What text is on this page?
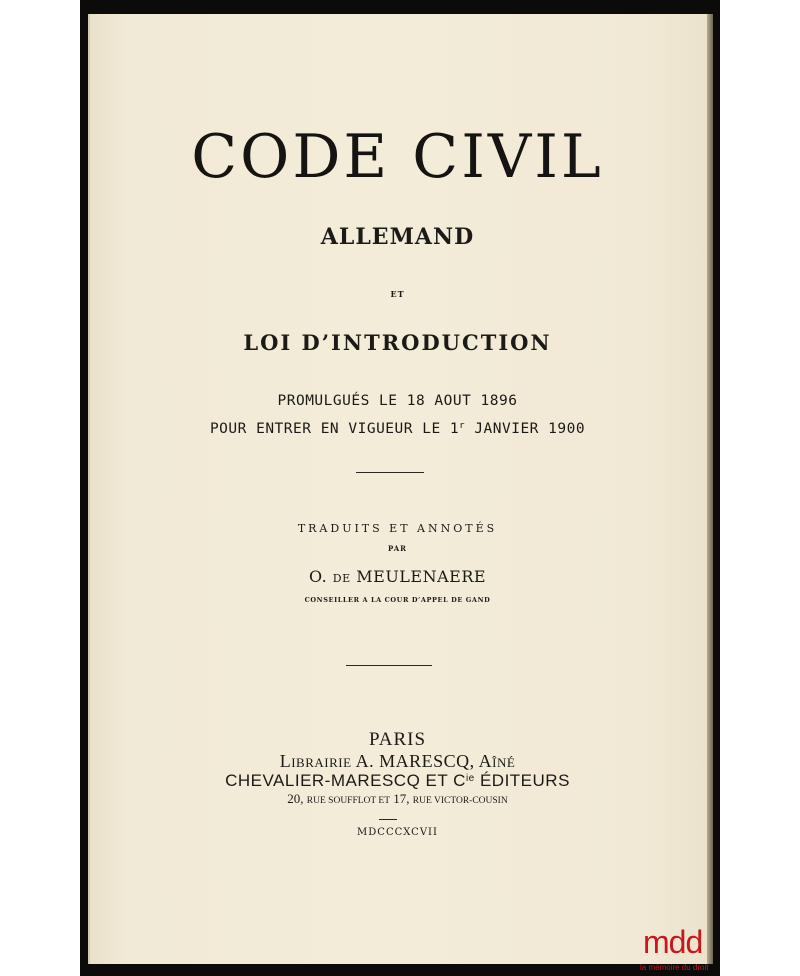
CODE CIVIL
ALLEMAND
ET
LOI D’INTRODUCTION
PROMULGUÉS LE 18 AOUT 1896
POUR ENTRER EN VIGUEUR LE 1$^r$ JANVIER 1900
TRADUITS ET ANNOTÉS
PAR
O. DE MEULENAERE
CONSEILLER A LA COUR D’APPEL DE GAND
PARIS
LIBRAIRIE A. MARESCQ, AÎNÉ
CHEVALIER-MARESCQ ET $C^{ie}$ ÉDITEURS
20, RUE SOUFFLOT ET 17, RUE VICTOR-COUSIN
MDCCCXCVII
mdd
la mémoire du droit
